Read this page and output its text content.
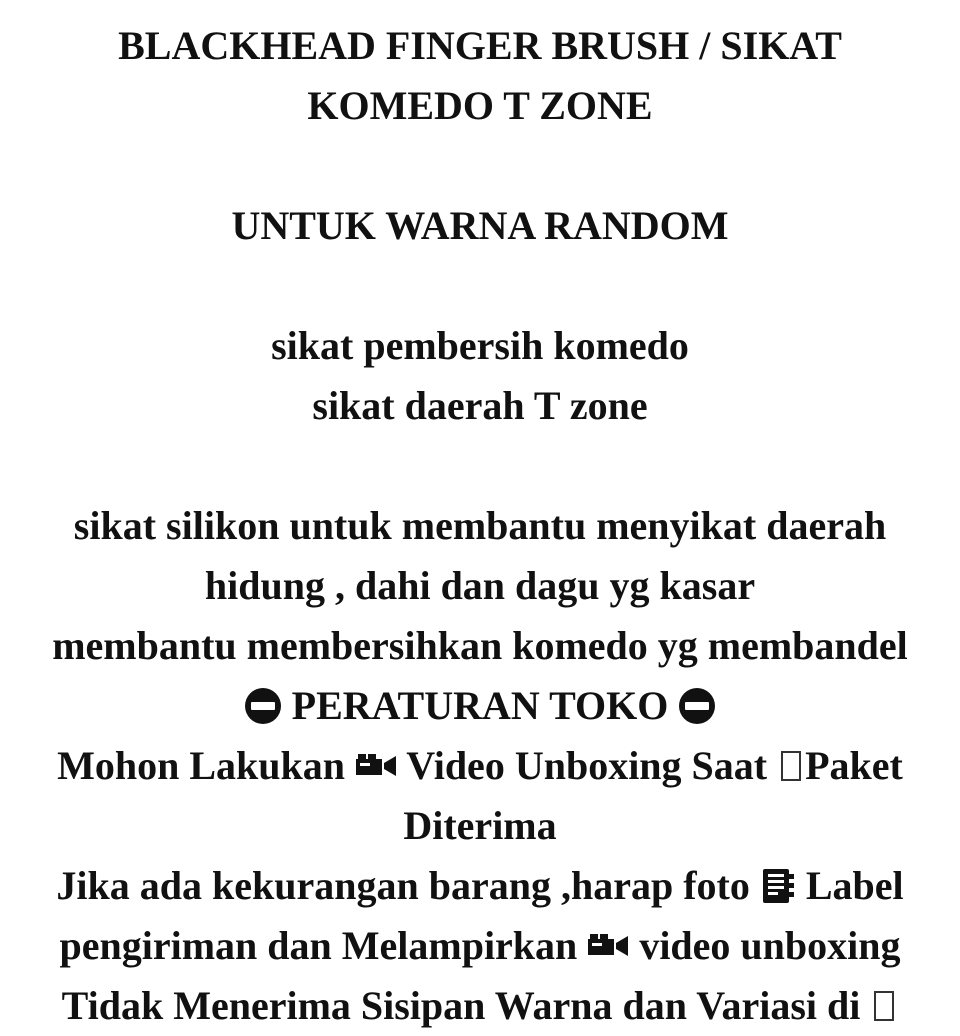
BLACKHEAD FINGER BRUSH / SIKAT
KOMEDO T ZONE
UNTUK WARNA RANDOM
sikat pembersih komedo
sikat daerah T zone
sikat silikon untuk membantu menyikat daerah
hidung , dahi dan dagu yg kasar
membantu membersihkan komedo yg membandel
PERATURAN TOKO
Mohon Lakukan Video Unboxing Saat Paket
Diterima
Jika ada kekurangan barang ,harap foto Label
pengiriman dan Melampirkan video unboxing
Tidak Menerima Sisipan Warna dan Variasi di
